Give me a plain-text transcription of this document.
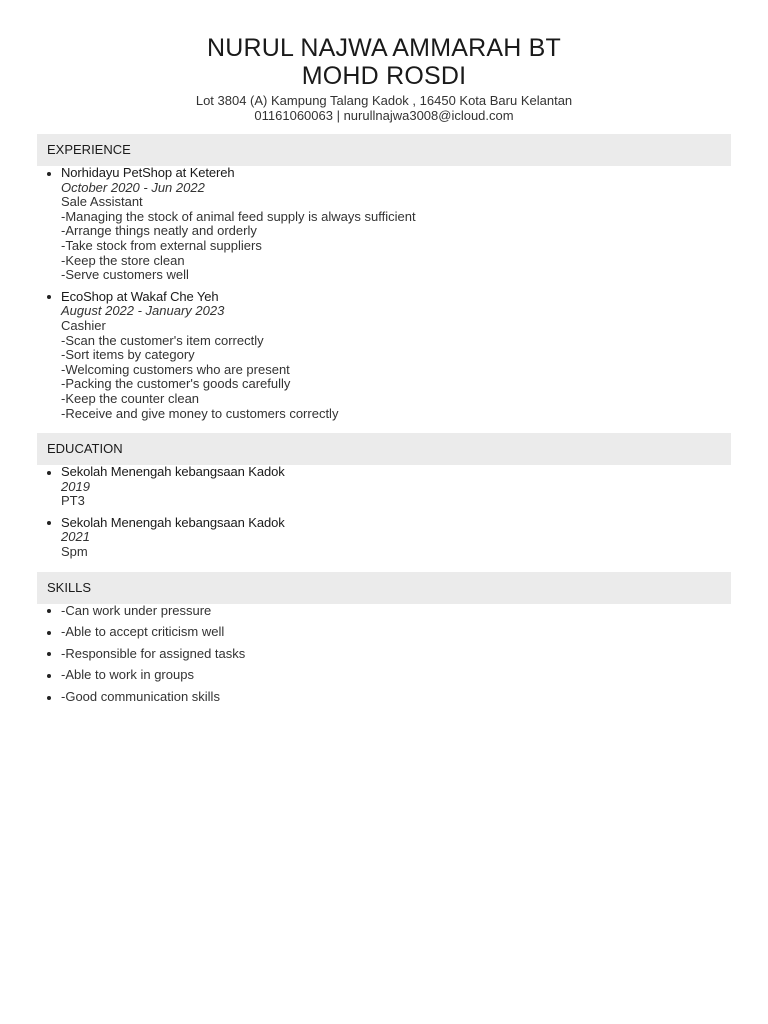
NURUL NAJWA AMMARAH BT
MOHD ROSDI
Lot 3804 (A) Kampung Talang Kadok , 16450 Kota Baru Kelantan
01161060063 | nurullnajwa3008@icloud.com
EXPERIENCE
Norhidayu PetShop at Ketereh
October 2020 - Jun 2022
Sale Assistant
-Managing the stock of animal feed supply is always sufficient
-Arrange things neatly and orderly
-Take stock from external suppliers
-Keep the store clean
-Serve customers well
EcoShop at Wakaf Che Yeh
August 2022 - January 2023
Cashier
-Scan the customer's item correctly
-Sort items by category
-Welcoming customers who are present
-Packing the customer's goods carefully
-Keep the counter clean
-Receive and give money to customers correctly
EDUCATION
Sekolah Menengah kebangsaan Kadok
2019
PT3
Sekolah Menengah kebangsaan Kadok
2021
Spm
SKILLS
-Can work under pressure
-Able to accept criticism well
-Responsible for assigned tasks
-Able to work in groups
-Good communication skills
